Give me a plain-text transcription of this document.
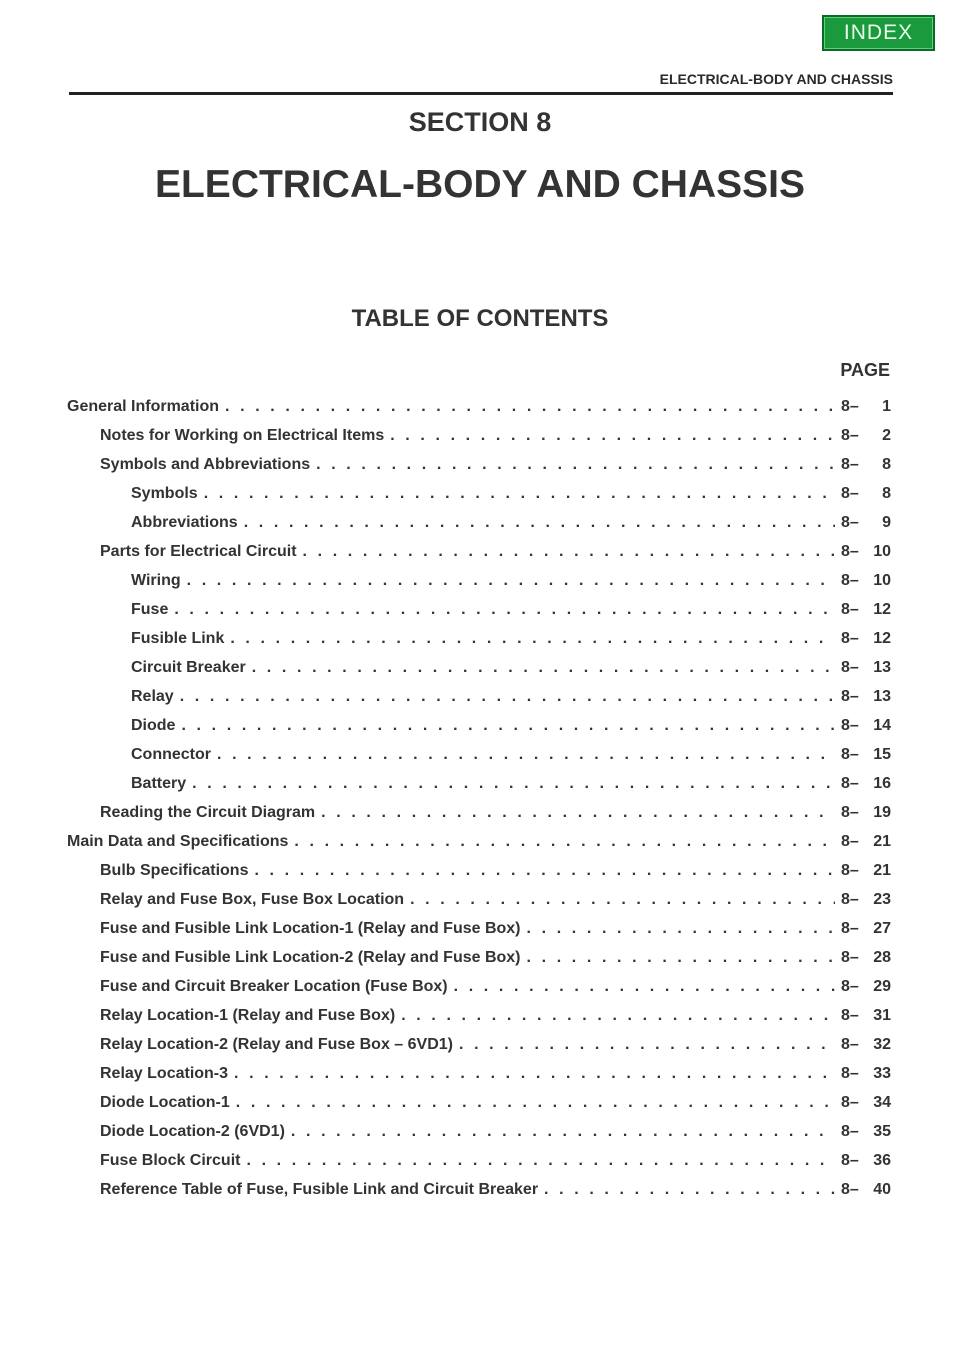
INDEX
ELECTRICAL-BODY AND CHASSIS
SECTION 8
ELECTRICAL-BODY AND CHASSIS
TABLE OF CONTENTS
PAGE
General Information . . .	8– 1
Notes for Working on Electrical Items . . .	8– 2
Symbols and Abbreviations . . .	8– 8
Symbols . . .	8– 8
Abbreviations . . .	8– 9
Parts for Electrical Circuit . . .	8– 10
Wiring . . .	8– 10
Fuse . . .	8– 12
Fusible Link . . .	8– 12
Circuit Breaker . . .	8– 13
Relay . . .	8– 13
Diode . . .	8– 14
Connector . . .	8– 15
Battery . . .	8– 16
Reading the Circuit Diagram . . .	8– 19
Main Data and Specifications . . .	8– 21
Bulb Specifications . . .	8– 21
Relay and Fuse Box, Fuse Box Location . . .	8– 23
Fuse and Fusible Link Location-1 (Relay and Fuse Box) . . .	8– 27
Fuse and Fusible Link Location-2 (Relay and Fuse Box) . . .	8– 28
Fuse and Circuit Breaker Location (Fuse Box) . . .	8– 29
Relay Location-1 (Relay and Fuse Box) . . .	8– 31
Relay Location-2 (Relay and Fuse Box – 6VD1) . . .	8– 32
Relay Location-3 . . .	8– 33
Diode Location-1 . . .	8– 34
Diode Location-2 (6VD1) . . .	8– 35
Fuse Block Circuit . . .	8– 36
Reference Table of Fuse, Fusible Link and Circuit Breaker . . .	8– 40
